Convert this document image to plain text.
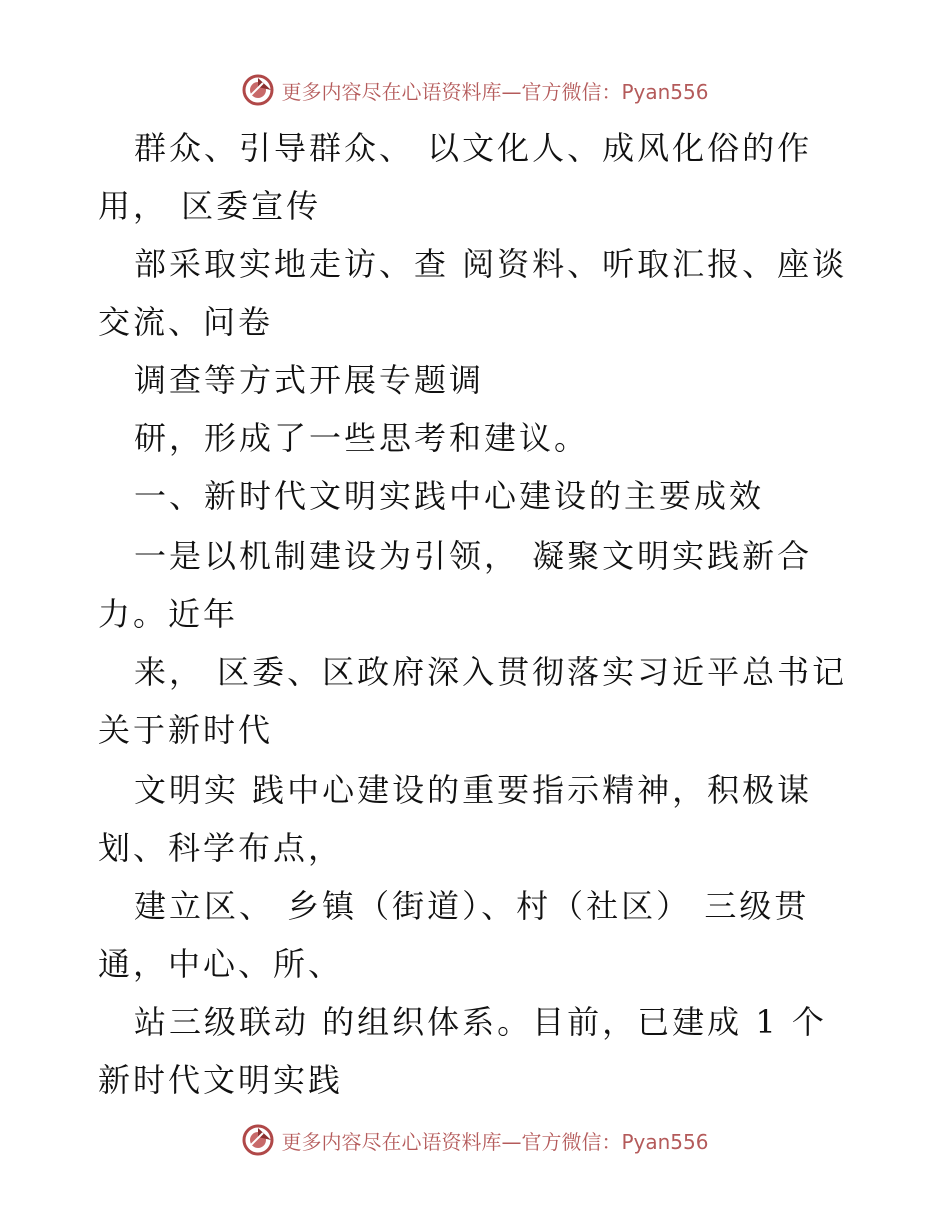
更多内容尽在心语资料库—官方微信：Pyan556
群众、引导群众、 以文化人、成风化俗的作
用， 区委宣传
部采取实地走访、查 阅资料、听取汇报、座谈
交流、问卷
调查等方式开展专题调
研，形成了一些思考和建议。
一、新时代文明实践中心建设的主要成效
一是以机制建设为引领， 凝聚文明实践新合
力。近年
来， 区委、区政府深入贯彻落实习近平总书记
关于新时代
文明实 践中心建设的重要指示精神，积极谋
划、科学布点，
建立区、 乡镇（街道）、村（社区） 三级贯
通，中心、所、
站三级联动 的组织体系。目前，已建成 1 个
新时代文明实践
更多内容尽在心语资料库—官方微信：Pyan556
